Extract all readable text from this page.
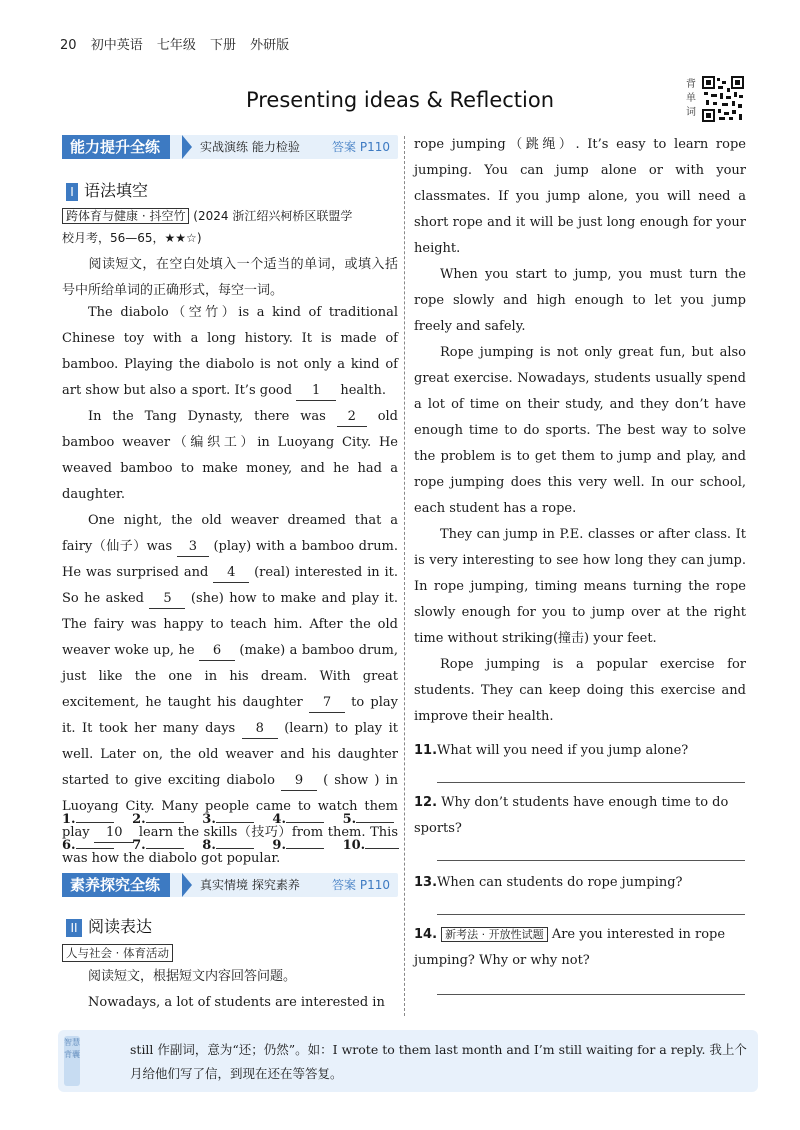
20 初中英语 七年级 下册 外研版
Presenting ideas & Reflection
背
单
词
能力提升全练	实战演练 能力检验	答案 P110
I 语法填空
跨体育与健康 · 抖空竹 (2024 浙江绍兴柯桥区联盟学
校月考，56—65，★★☆)
阅读短文，在空白处填入一个适当的单词，或填入括号中所给单词的正确形式，每空一词。
The diabolo（空竹）is a kind of traditional Chinese toy with a long history. It is made of bamboo. Playing the diabolo is not only a kind of art show but also a sport. It’s good 1 health.
In the Tang Dynasty, there was 2 old bamboo weaver（编织工）in Luoyang City. He weaved bamboo to make money, and he had a daughter.
One night, the old weaver dreamed that a fairy（仙子）was 3 (play) with a bamboo drum. He was surprised and 4 (real) interested in it. So he asked 5 (she) how to make and play it. The fairy was happy to teach him. After the old weaver woke up, he 6 (make) a bamboo drum, just like the one in his dream. With great excitement, he taught his daughter 7 to play it. It took her many days 8 (learn) to play it well. Later on, the old weaver and his daughter started to give exciting diabolo 9 ( show ) in Luoyang City. Many people came to watch them play 10 learn the skills（技巧）from them. This was how the diabolo got popular.
1.	2.	3.	4.	5.
6.	7.	8.	9.	10.
素养探究全练	真实情境 探究素养	答案 P110
II 阅读表达
人与社会 · 体育活动
阅读短文，根据短文内容回答问题。
Nowadays, a lot of students are interested in
rope jumping（跳绳）. It’s easy to learn rope jumping. You can jump alone or with your classmates. If you jump alone, you will need a short rope and it will be just long enough for your height.
When you start to jump, you must turn the rope slowly and high enough to let you jump freely and safely.
Rope jumping is not only great fun, but also great exercise. Nowadays, students usually spend a lot of time on their study, and they don’t have enough time to do sports. The best way to solve the problem is to get them to jump and play, and rope jumping does this very well. In our school, each student has a rope.
They can jump in P.E. classes or after class. It is very interesting to see how long they can jump. In rope jumping, timing means turning the rope slowly enough for you to jump over at the right time without striking(撞击) your feet.
Rope jumping is a popular exercise for students. They can keep doing this exercise and improve their health.
11.What will you need if you jump alone?
12. Why don’t students have enough time to do sports?
13.When can students do rope jumping?
14. 新考法 · 开放性试题 Are you interested in rope jumping? Why or why not?
智慧背囊	still 作副词，意为“还；仍然”。如：I wrote to them last month and I’m still waiting for a reply. 我上个月给他们写了信，到现在还在等答复。
